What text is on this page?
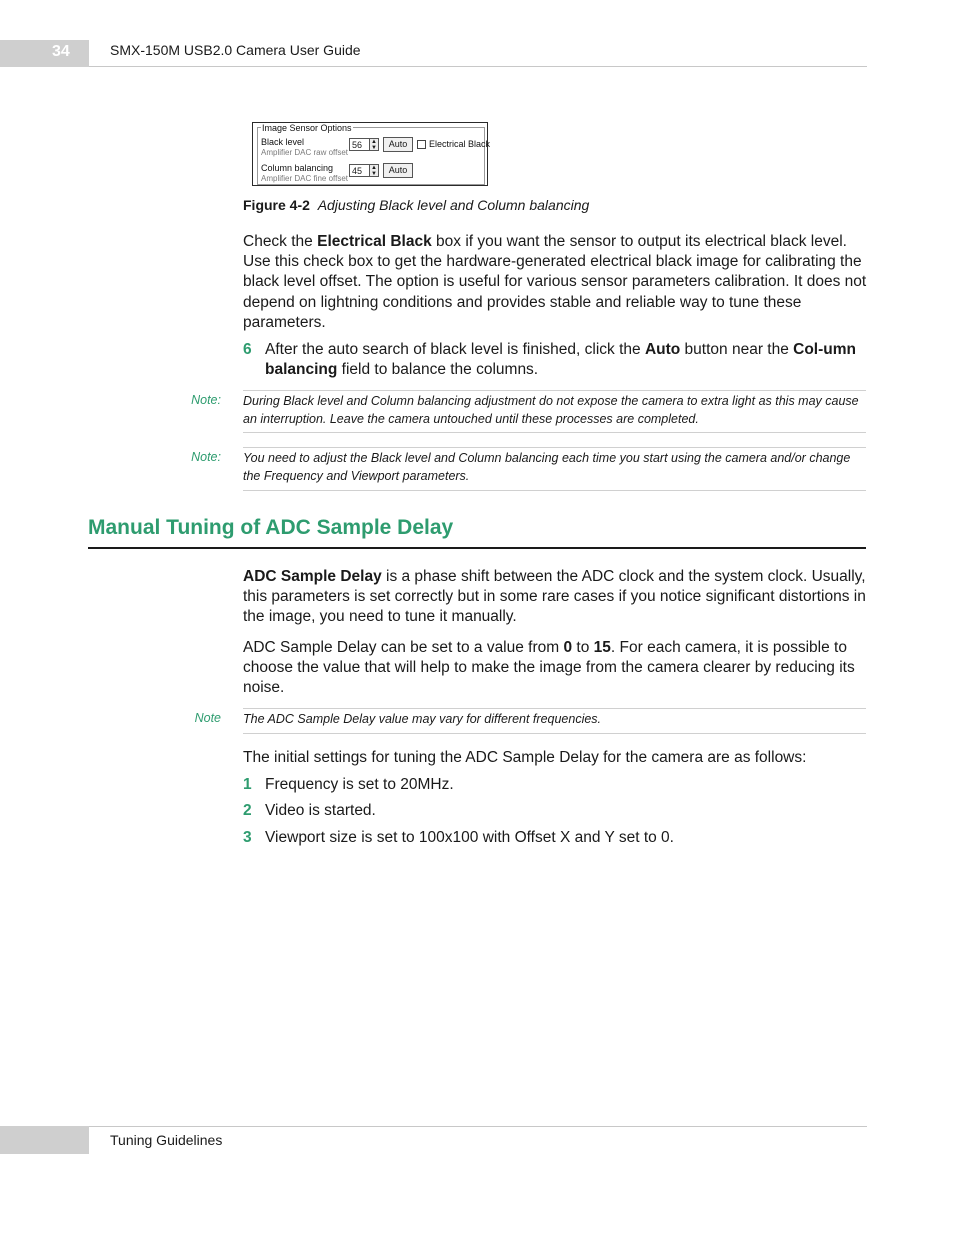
34	SMX-150M USB2.0 Camera User Guide
Image Sensor Options
Black level
Amplifier DAC raw offset
56	▲
▼	Auto	Electrical Black
Column balancing
Amplifier DAC fine offset
45	▲
▼	Auto
Figure 4-2 Adjusting Black level and Column balancing
Check the Electrical Black box if you want the sensor to output its electrical black level. Use this check box to get the hardware-generated electrical black image for calibrating the black level offset. The option is useful for various sensor parameters calibration. It does not depend on lightning conditions and provides stable and reliable way to tune these parameters.
6 After the auto search of black level is finished, click the Auto button near the Col-umn balancing field to balance the columns.
Note: During Black level and Column balancing adjustment do not expose the camera to extra light as this may cause an interruption. Leave the camera untouched until these processes are completed.
Note: You need to adjust the Black level and Column balancing each time you start using the camera and/or change the Frequency and Viewport parameters.
Manual Tuning of ADC Sample Delay
ADC Sample Delay is a phase shift between the ADC clock and the system clock. Usually, this parameters is set correctly but in some rare cases if you notice significant distortions in the image, you need to tune it manually.
ADC Sample Delay can be set to a value from 0 to 15. For each camera, it is possible to choose the value that will help to make the image from the camera clearer by reducing its noise.
Note The ADC Sample Delay value may vary for different frequencies.
The initial settings for tuning the ADC Sample Delay for the camera are as follows:
1 Frequency is set to 20MHz.
2 Video is started.
3 Viewport size is set to 100x100 with Offset X and Y set to 0.
Tuning Guidelines
